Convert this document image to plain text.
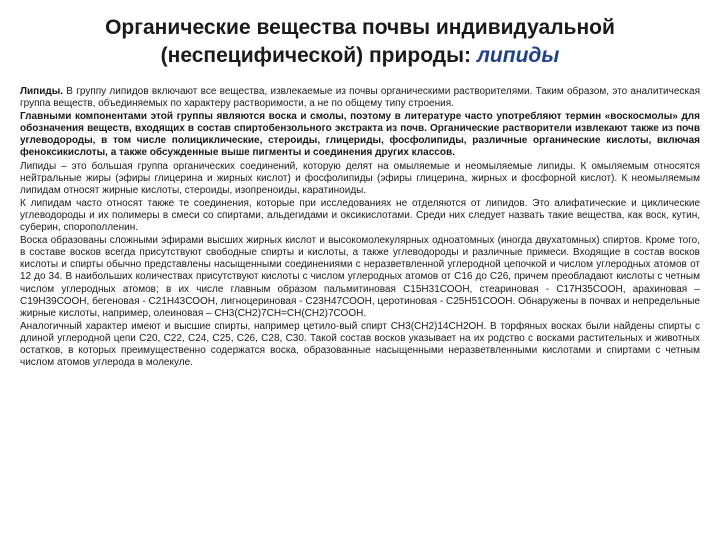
Органические вещества почвы индивидуальной (неспецифической) природы: липиды

Липиды. В группу липидов включают все вещества, извлекаемые из почвы органическими растворителями. Таким образом, это аналитическая группа веществ, объединяемых по характеру растворимости, а не по общему типу строения.

Главными компонентами этой группы являются воска и смолы, поэтому в литературе часто употребляют термин «воскосмолы» для обозначения веществ, входящих в состав спиртобензольного экстракта из почв. Органические растворители извлекают также из почв углеводороды, в том числе полициклические, стероиды, глицериды, фосфолипиды, различные органические кислоты, включая феноксикислоты, а также обсужденные выше пигменты и соединения других классов.

Липиды – это большая группа органических соединений, которую делят на омыляемые и неомыляемые липиды. К омыляемым относятся нейтральные жиры (эфиры глицерина и жирных кислот) и фосфолипиды (эфиры глицерина, жирных и фосфорной кислот). К неомыляемым липидам относят жирные кислоты, стероиды, изопреноиды, каратиноиды.

К липидам часто относят также те соединения, которые при исследованиях не отделяются от липидов. Это алифатические и циклические углеводороды и их полимеры в смеси со спиртами, альдегидами и оксикислотами. Среди них следует назвать такие вещества, как воск, кутин, суберин, спорополленин.

Воска образованы сложными эфирами высших жирных кислот и высокомолекулярных одноатомных (иногда двухатомных) спиртов. Кроме того, в составе восков всегда присутствуют свободные спирты и кислоты, а также углеводороды и различные примеси. Входящие в состав восков кислоты и спирты обычно представлены насыщенными соединениями с неразветвленной углеродной цепочкой и числом углеродных атомов от 12 до 34. В наибольших количествах присутствуют кислоты с числом углеродных атомов от С16 до С26, причем преобладают кислоты с четным числом углеродных атомов; в их числе главным образом пальмитиновая С15Н31СООН, стеариновая - С17Н35СООН, арахиновая – С19Н39СООН, бегеновая - С21Н43СООН, лигноцериновая - С23Н47СООН, церотиновая - С25Н51СООН. Обнаружены в почвах и непредельные жирные кислоты, например, олеиновая – СН3(СН2)7СН=СН(СН2)7СООН.

Аналогичный характер имеют и высшие спирты, например цетило-вый спирт СН3(СН2)14СН2ОН. В торфяных восках были найдены спирты с длиной углеродной цепи С20, С22, С24, С25, С26, С28, С30. Такой состав восков указывает на их родство с восками растительных и животных остатков, в которых преимущественно содержатся воска, образованные насыщенными неразветвленными кислотами и спиртами с четным числом атомов углерода в молекуле.
